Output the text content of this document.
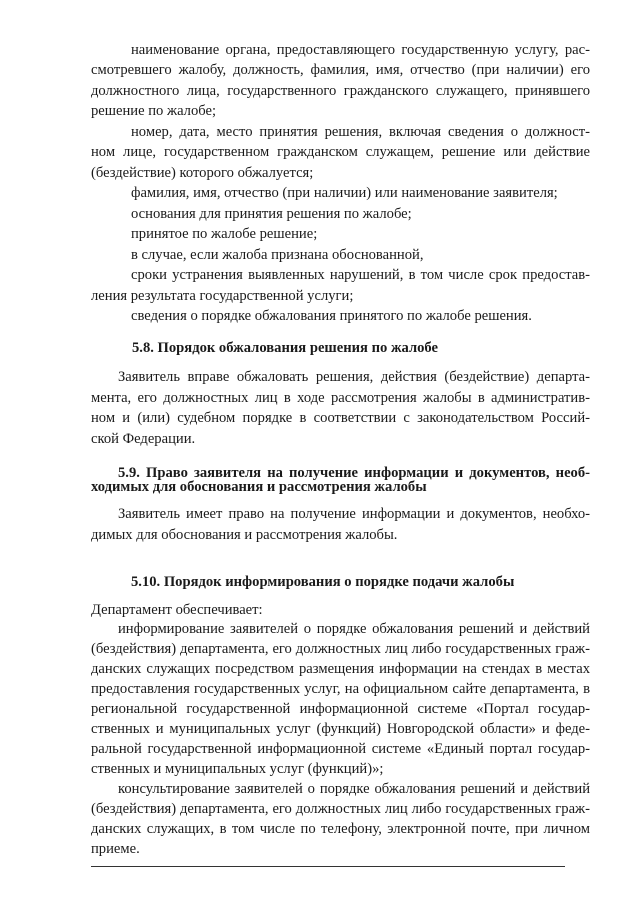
наименование органа, предоставляющего государственную услугу, рас-
смотревшего жалобу, должность, фамилия, имя, отчество (при наличии) его
должностного лица, государственного гражданского служащего, принявшего
решение по жалобе;
номер, дата, место принятия решения, включая сведения о должност-
ном лице, государственном гражданском служащем, решение или действие
(бездействие) которого обжалуется;
фамилия, имя, отчество (при наличии) или наименование заявителя;
основания для принятия решения по жалобе;
принятое по жалобе решение;
в случае, если жалоба признана обоснованной,
сроки устранения выявленных нарушений, в том числе срок предостав-
ления результата государственной услуги;
сведения о порядке обжалования принятого по жалобе решения.
5.8. Порядок обжалования решения по жалобе
Заявитель вправе обжаловать решения, действия (бездействие) департа-
мента, его должностных лиц в ходе рассмотрения жалобы в административ-
ном и (или) судебном порядке в соответствии с законодательством Россий-
ской Федерации.
5.9. Право заявителя на получение информации и документов, необ-
ходимых для обоснования и рассмотрения жалобы
Заявитель имеет право на получение информации и документов, необхо-
димых для обоснования и рассмотрения жалобы.
5.10. Порядок информирования о порядке подачи жалобы
Департамент обеспечивает:
информирование заявителей о порядке обжалования решений и действий
(бездействия) департамента, его должностных лиц либо государственных граж-
данских служащих посредством размещения информации на стендах в местах
предоставления государственных услуг, на официальном сайте департамента, в
региональной государственной информационной системе «Портал государ-
ственных и муниципальных услуг (функций) Новгородской области» и феде-
ральной государственной информационной системе «Единый портал государ-
ственных и муниципальных услуг (функций)»;
консультирование заявителей о порядке обжалования решений и действий
(бездействия) департамента, его должностных лиц либо государственных граж-
данских служащих, в том числе по телефону, электронной почте, при личном
приеме.
